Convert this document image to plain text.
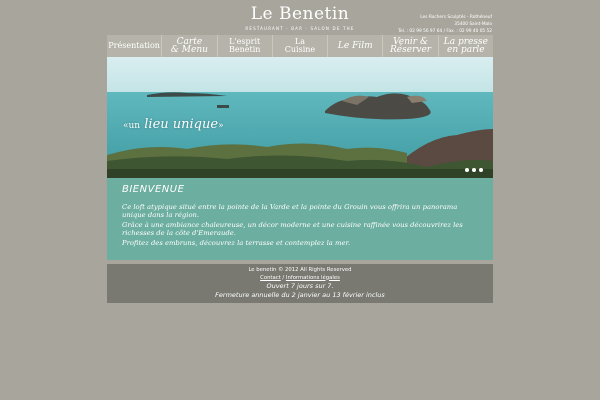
Le Benetin
RESTAURANT · BAR · SALON DE THE
Les Rochers Sculptés - Rothéneuf
35400 Saint-Malo
Tel. : 02 99 56 97 64 / Fax. : 02 99 40 05 52
Présentation	Carte
& Menu
L'esprit
Benetin
La
Cuisine	Le Film	Venir &
Réserver
La presse
en parle
«un lieu unique»
BIENVENUE

Ce loft atypique situé entre la pointe de la Varde et la pointe du Grouin vous offrira un panorama unique dans la région.

Grâce à une ambiance chaleureuse, un décor moderne et une cuisine raffinée vous découvrirez les richesses de la côte d'Emeraude.

Profitez des embruns, découvrez la terrasse et contemplez la mer.

Le benetin © 2012 All Rights Reserved
Contact / Informations légales
Ouvert 7 jours sur 7.
Fermeture annuelle du 2 janvier au 13 février inclus
